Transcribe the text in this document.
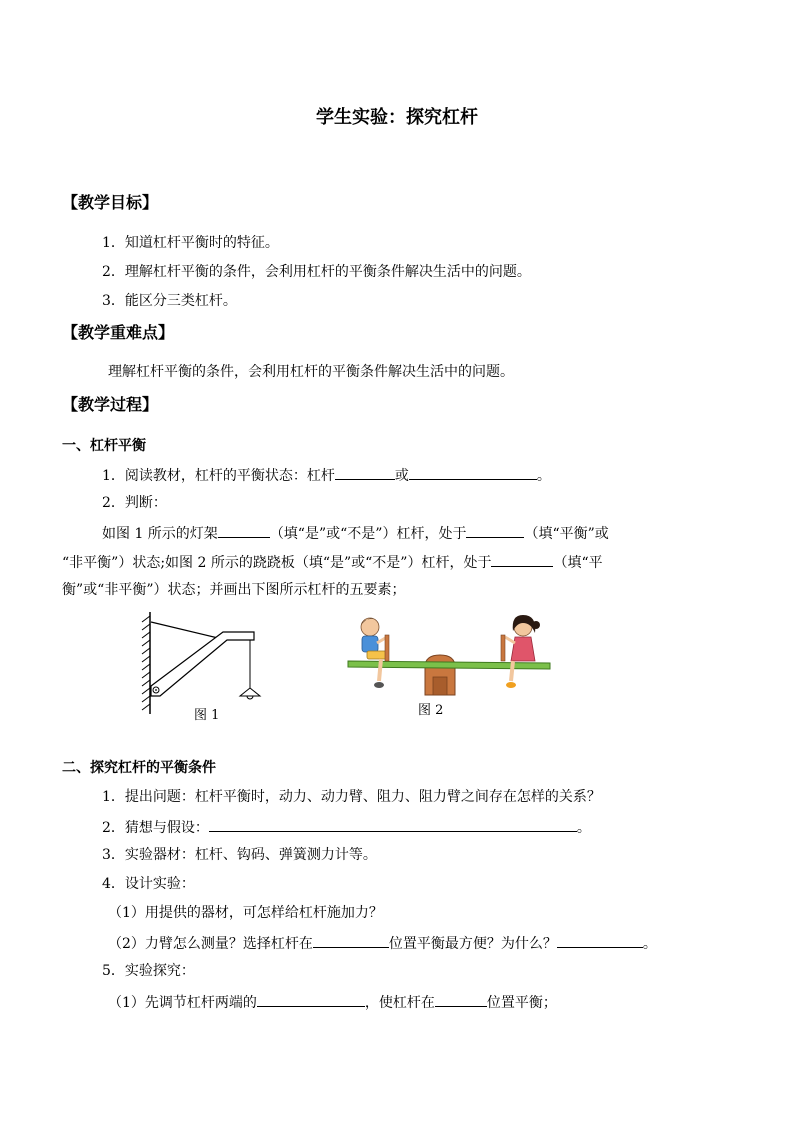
学生实验：探究杠杆
【教学目标】
1．知道杠杆平衡时的特征。
2．理解杠杆平衡的条件，会利用杠杆的平衡条件解决生活中的问题。
3．能区分三类杠杆。
【教学重难点】
理解杠杆平衡的条件，会利用杠杆的平衡条件解决生活中的问题。
【教学过程】
一、杠杆平衡
1．阅读教材，杠杆的平衡状态：杠杆	或	。
2．判断：
如图 1 所示的灯架	（填“是”或“不是”）杠杆，处于	（填“平衡”或
“非平衡”）状态;如图 2 所示的跷跷板（填“是”或“不是”）杠杆，处于	（填“平
衡”或“非平衡”）状态；并画出下图所示杠杆的五要素；
图 1	图 2
二、探究杠杆的平衡条件
1．提出问题：杠杆平衡时，动力、动力臂、阻力、阻力臂之间存在怎样的关系？
2．猜想与假设：	。
3．实验器材：杠杆、钩码、弹簧测力计等。
4．设计实验：
（1）用提供的器材，可怎样给杠杆施加力？
（2）力臂怎么测量？选择杠杆在	位置平衡最方便？为什么？	。
5．实验探究：
（1）先调节杠杆两端的	，使杠杆在	位置平衡；
